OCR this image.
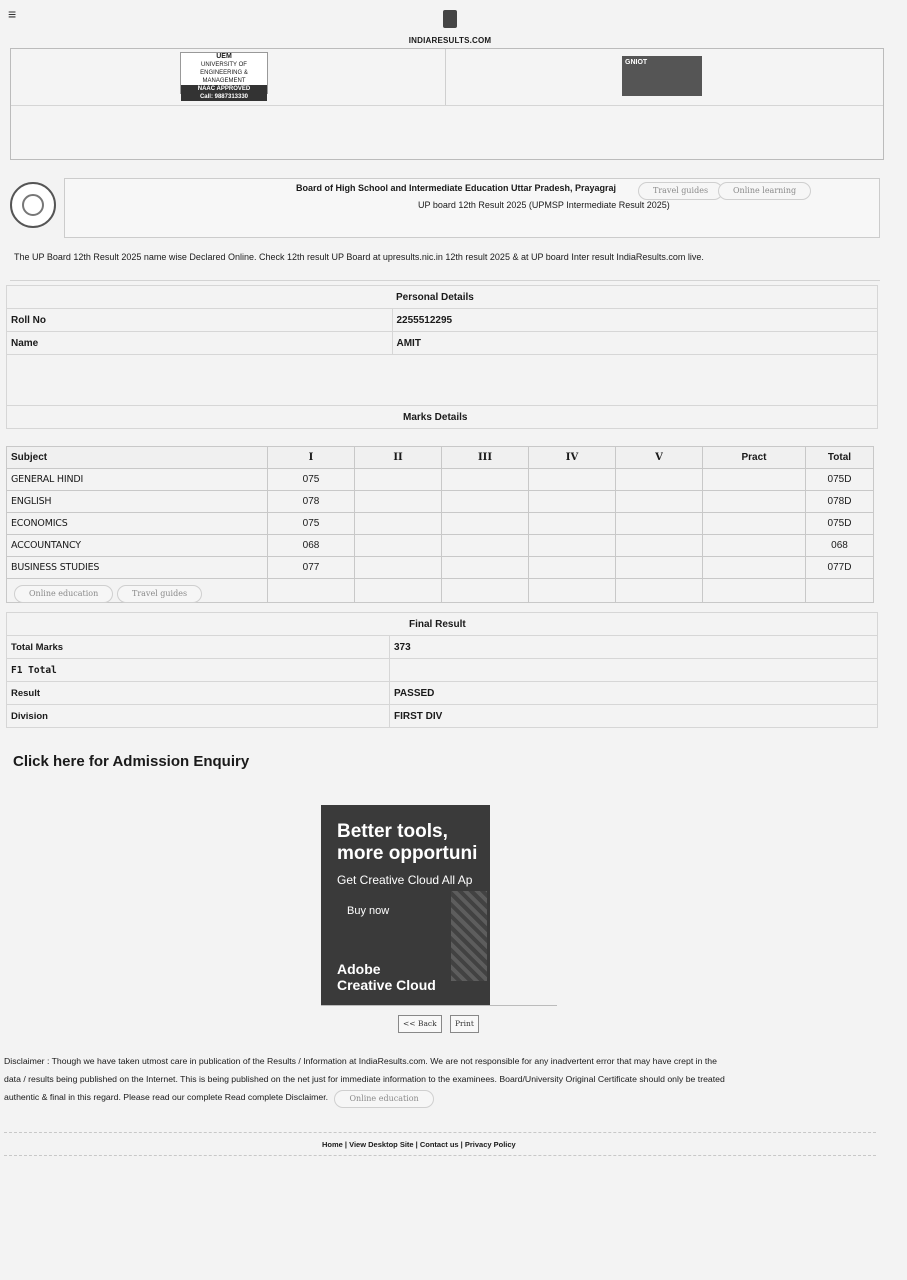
≡
INDIARESULTS.COM
UEM
UNIVERSITY OF ENGINEERING & MANAGEMENT
NAAC APPROVED
Call: 9887313330
GNIOT
Board of High School and Intermediate Education Uttar Pradesh, Prayagraj	Travel guides	Online learning
UP board 12th Result 2025 (UPMSP Intermediate Result 2025)
The UP Board 12th Result 2025 name wise Declared Online. Check 12th result UP Board at upresults.nic.in 12th result 2025 & at UP board Inter result IndiaResults.com live.
	Personal Details
Roll No	2255512295
Name	AMIT

Marks Details	
Subject	I	II	III	IV	V	Pract	Total
GENERAL HINDI	075						075D
ENGLISH	078						078D
ECONOMICS	075						075D
ACCOUNTANCY	068						068
BUSINESS STUDIES	077						077D

Online education	Travel guides
Final Result	
Total Marks	373
F1 Total	
Result	PASSED
Division	FIRST DIV
Click here for Admission Enquiry
Better tools,
more opportuni
Get Creative Cloud All Ap
Buy now
Adobe
Creative Cloud
<< Back	Print
Disclaimer : Though we have taken utmost care in publication of the Results / Information at IndiaResults.com. We are not responsible for any inadvertent error that may have crept in the
data / results being published on the Internet. This is being published on the net just for immediate information to the examinees. Board/University Original Certificate should only be treated
authentic & final in this regard. Please read our complete Read complete Disclaimer.	Online education
Home | View Desktop Site | Contact us | Privacy Policy
